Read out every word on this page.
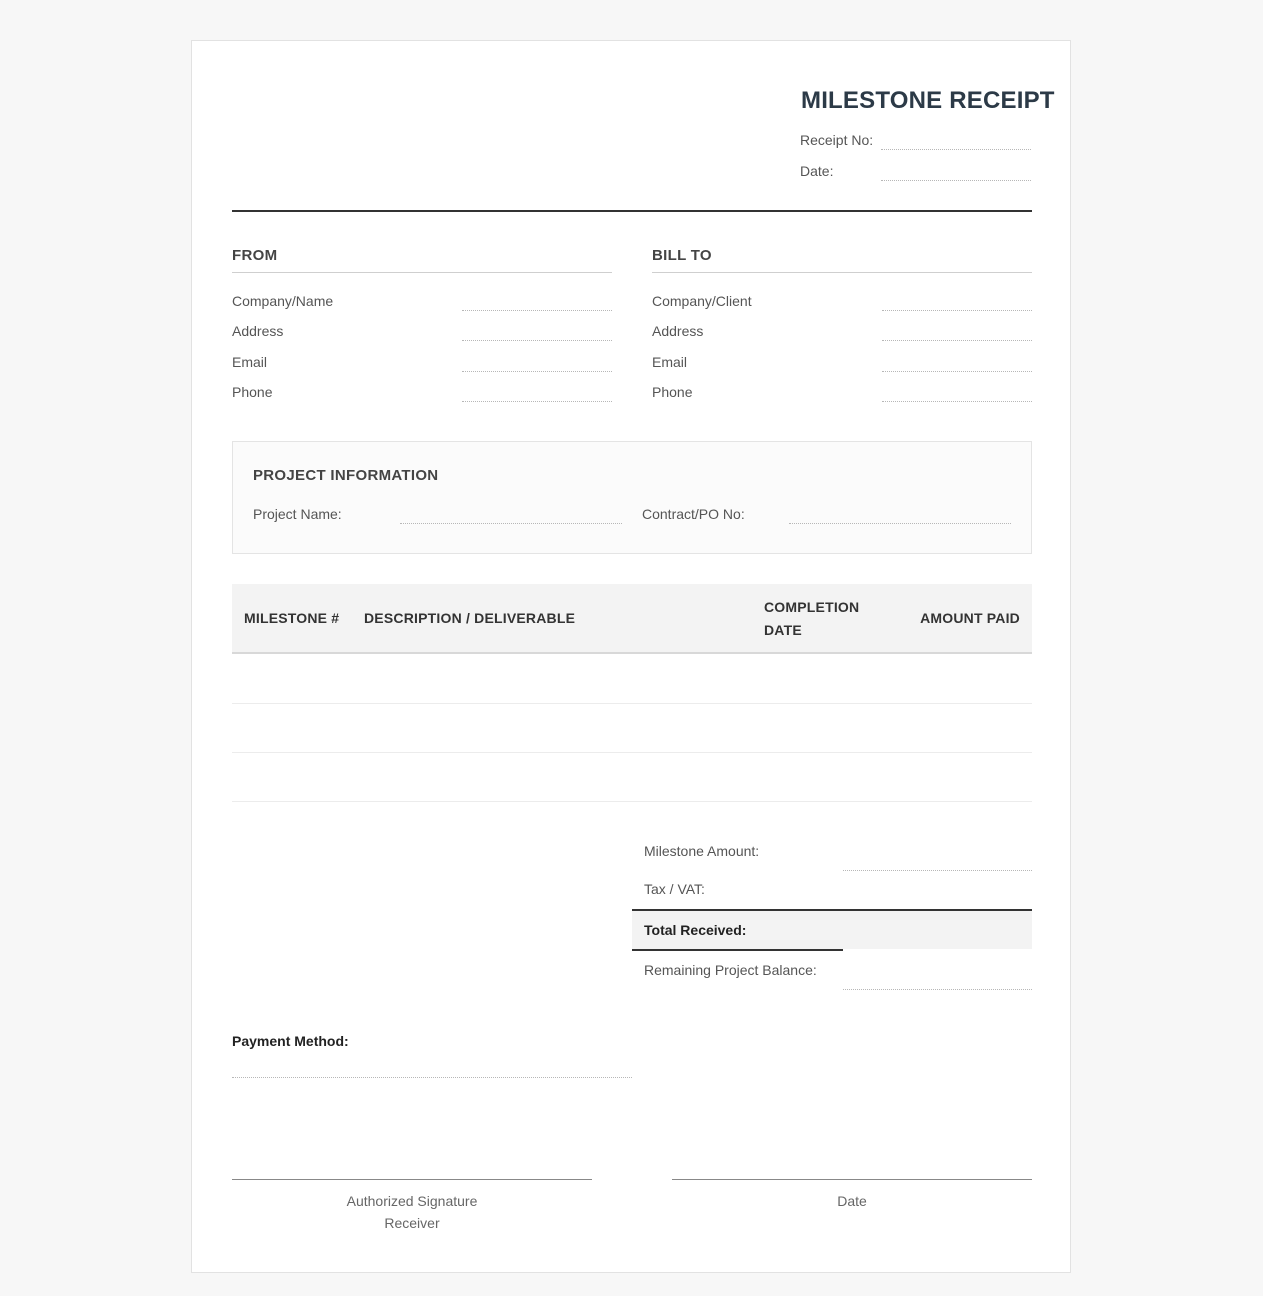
MILESTONE RECEIPT
Receipt No:
Date:
FROM
Company/Name
Address
Email
Phone
BILL TO
Company/Client
Address
Email
Phone
PROJECT INFORMATION
Project Name:	Contract/PO No:
MILESTONE # DESCRIPTION / DELIVERABLE
COMPLETION DATE
AMOUNT PAID
Milestone Amount:
Tax / VAT:
Total Received:
Remaining Project Balance:
Payment Method:
Authorized Signature
Receiver
Date
